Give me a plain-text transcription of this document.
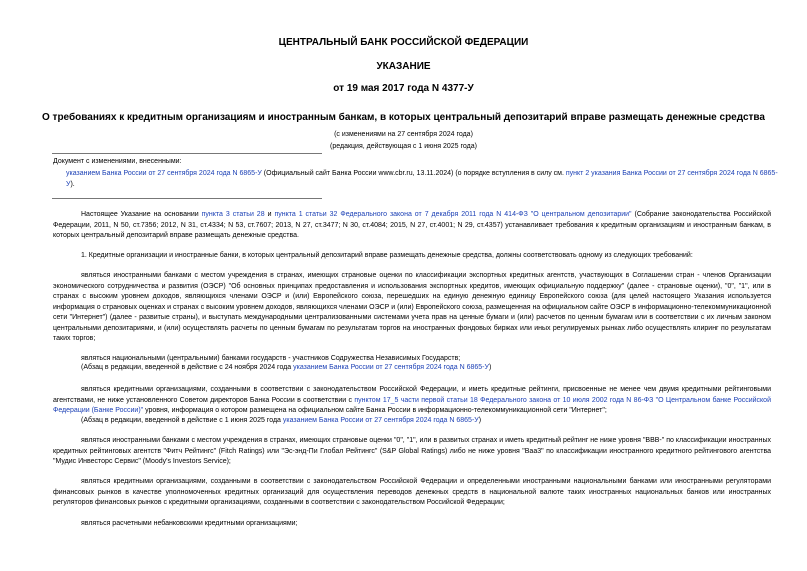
ЦЕНТРАЛЬНЫЙ БАНК РОССИЙСКОЙ ФЕДЕРАЦИИ
УКАЗАНИЕ
от 19 мая 2017 года N 4377-У
О требованиях к кредитным организациям и иностранным банкам, в которых центральный депозитарий вправе размещать денежные средства
(с изменениями на 27 сентября 2024 года)
(редакция, действующая с 1 июня 2025 года)
Документ с изменениями, внесенными:
указанием Банка России от 27 сентября 2024 года N 6865-У (Официальный сайт Банка России www.cbr.ru, 13.11.2024) (о порядке вступления в силу см. пункт 2 указания Банка России от 27 сентября 2024 года N 6865-У).
Настоящее Указание на основании пункта 3 статьи 28 и пункта 1 статьи 32 Федерального закона от 7 декабря 2011 года N 414-ФЗ "О центральном депозитарии" (Собрание законодательства Российской Федерации, 2011, N 50, ст.7356; 2012, N 31, ст.4334; N 53, ст.7607; 2013, N 27, ст.3477; N 30, ст.4084; 2015, N 27, ст.4001; N 29, ст.4357) устанавливает требования к кредитным организациям и иностранным банкам, в которых центральный депозитарий вправе размещать денежные средства.
1. Кредитные организации и иностранные банки, в которых центральный депозитарий вправе размещать денежные средства, должны соответствовать одному из следующих требований:
являться иностранными банками с местом учреждения в странах, имеющих страновые оценки по классификации экспортных кредитных агентств, участвующих в Соглашении стран - членов Организации экономического сотрудничества и развития (ОЭСР) "Об основных принципах предоставления и использования экспортных кредитов, имеющих официальную поддержку" (далее - страновые оценки), "0", "1", или в странах с высоким уровнем доходов, являющихся членами ОЭСР и (или) Европейского союза, перешедших на единую денежную единицу Европейского союза (для целей настоящего Указания используется информация о страновых оценках и странах с высоким уровнем доходов, являющихся членами ОЭСР и (или) Европейского союза, размещенная на официальном сайте ОЭСР в информационно-телекоммуникационной сети "Интернет") (далее - развитые страны), и выступать международными централизованными системами учета прав на ценные бумаги и (или) расчетов по ценным бумагам или в соответствии с их личным законом центральными депозитариями, и (или) осуществлять расчеты по ценным бумагам по результатам торгов на иностранных фондовых биржах или иных регулируемых рынках либо осуществлять клиринг по результатам таких торгов;
являться национальными (центральными) банками государств - участников Содружества Независимых Государств;
(Абзац в редакции, введенной в действие с 24 ноября 2024 года указанием Банка России от 27 сентября 2024 года N 6865-У)
являться кредитными организациями, созданными в соответствии с законодательством Российской Федерации, и иметь кредитные рейтинги, присвоенные не менее чем двумя кредитными рейтинговыми агентствами, не ниже установленного Советом директоров Банка России в соответствии с пунктом 17_5 части первой статьи 18 Федерального закона от 10 июля 2002 года N 86-ФЗ "О Центральном банке Российской Федерации (Банке России)" уровня, информация о котором размещена на официальном сайте Банка России в информационно-телекоммуникационной сети "Интернет";
(Абзац в редакции, введенной в действие с 1 июня 2025 года указанием Банка России от 27 сентября 2024 года N 6865-У)
являться иностранными банками с местом учреждения в странах, имеющих страновые оценки "0", "1", или в развитых странах и иметь кредитный рейтинг не ниже уровня "BBB-" по классификации иностранных кредитных рейтинговых агентств "Фитч Рейтингс" (Fitch Ratings) или "Эс-энд-Пи Глобал Рейтингс" (S&P Global Ratings) либо не ниже уровня "Baa3" по классификации иностранного кредитного рейтингового агентства "Мудис Инвесторс Сервис" (Moody's Investors Service);
являться кредитными организациями, созданными в соответствии с законодательством Российской Федерации и определенными иностранными национальными банками или иностранными регуляторами финансовых рынков в качестве уполномоченных кредитных организаций для осуществления переводов денежных средств в национальной валюте таких иностранных национальных банков или иностранных регуляторов финансовых рынков с кредитными организациями, созданными в соответствии с законодательством Российской Федерации;
являться расчетными небанковскими кредитными организациями;
